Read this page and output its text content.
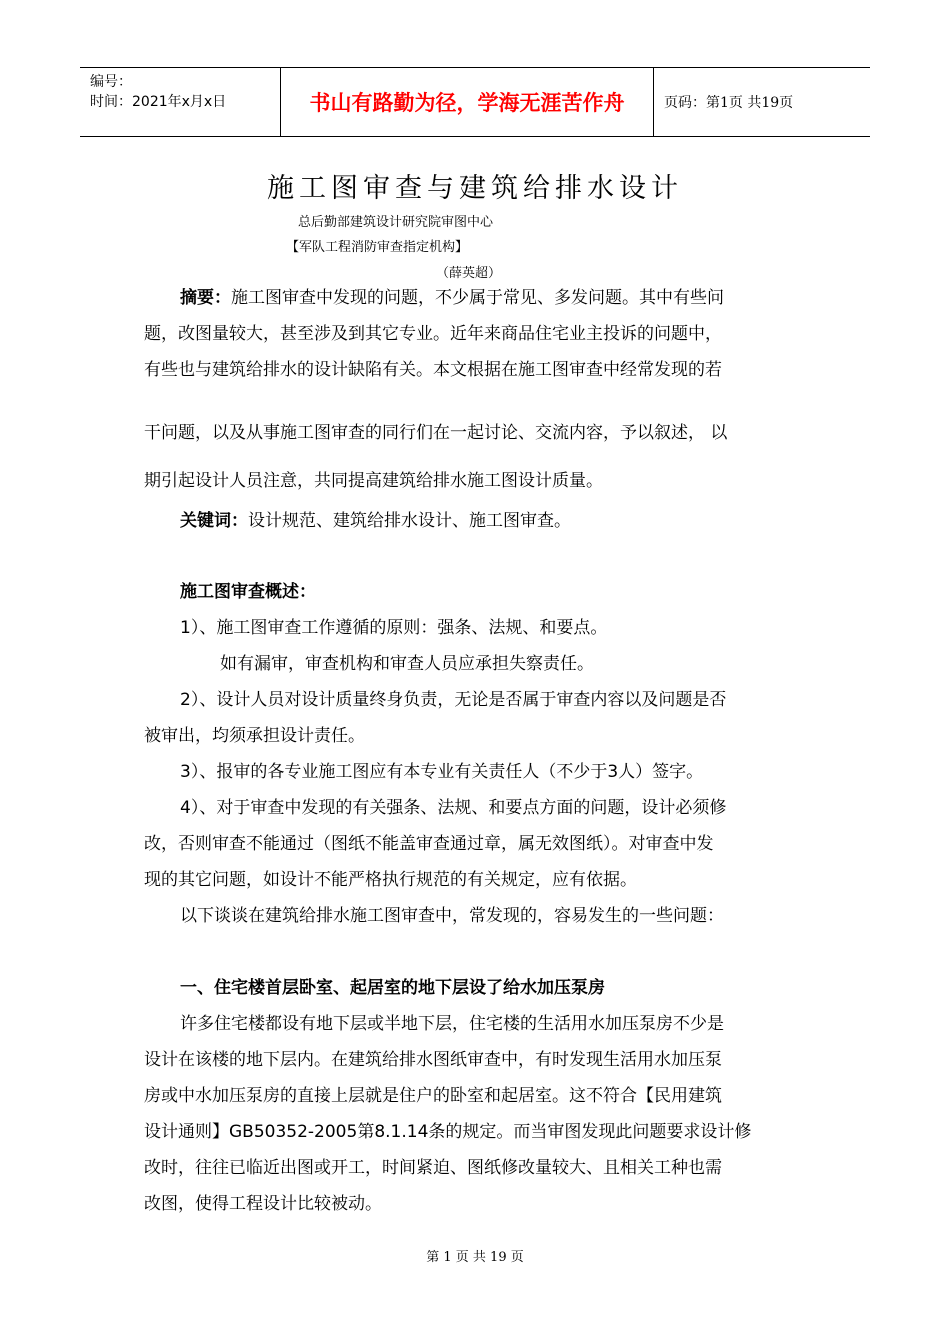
编号：
时间：2021年x月x日	书山有路勤为径，学海无涯苦作舟	页码：第1页 共19页
施工图审查与建筑给排水设计
总后勤部建筑设计研究院审图中心
【军队工程消防审查指定机构】
（薛英超）
摘要：施工图审查中发现的问题，不少属于常见、多发问题。其中有些问
题，改图量较大，甚至涉及到其它专业。近年来商品住宅业主投诉的问题中，
有些也与建筑给排水的设计缺陷有关。本文根据在施工图审查中经常发现的若
干问题，以及从事施工图审查的同行们在一起讨论、交流内容，予以叙述， 以
期引起设计人员注意，共同提高建筑给排水施工图设计质量。
关键词：设计规范、建筑给排水设计、施工图审查。
施工图审查概述：
1）、施工图审查工作遵循的原则：强条、法规、和要点。
如有漏审，审查机构和审查人员应承担失察责任。
2）、设计人员对设计质量终身负责，无论是否属于审查内容以及问题是否
被审出，均须承担设计责任。
3）、报审的各专业施工图应有本专业有关责任人（不少于3人）签字。
4）、对于审查中发现的有关强条、法规、和要点方面的问题，设计必须修
改，否则审查不能通过（图纸不能盖审查通过章，属无效图纸）。对审查中发
现的其它问题，如设计不能严格执行规范的有关规定，应有依据。
以下谈谈在建筑给排水施工图审查中，常发现的，容易发生的一些问题：
一、住宅楼首层卧室、起居室的地下层设了给水加压泵房
许多住宅楼都设有地下层或半地下层，住宅楼的生活用水加压泵房不少是
设计在该楼的地下层内。在建筑给排水图纸审查中，有时发现生活用水加压泵
房或中水加压泵房的直接上层就是住户的卧室和起居室。这不符合【民用建筑
设计通则】GB50352-2005第8.1.14条的规定。而当审图发现此问题要求设计修
改时，往往已临近出图或开工，时间紧迫、图纸修改量较大、且相关工种也需
改图，使得工程设计比较被动。
第 1 页 共 19 页
